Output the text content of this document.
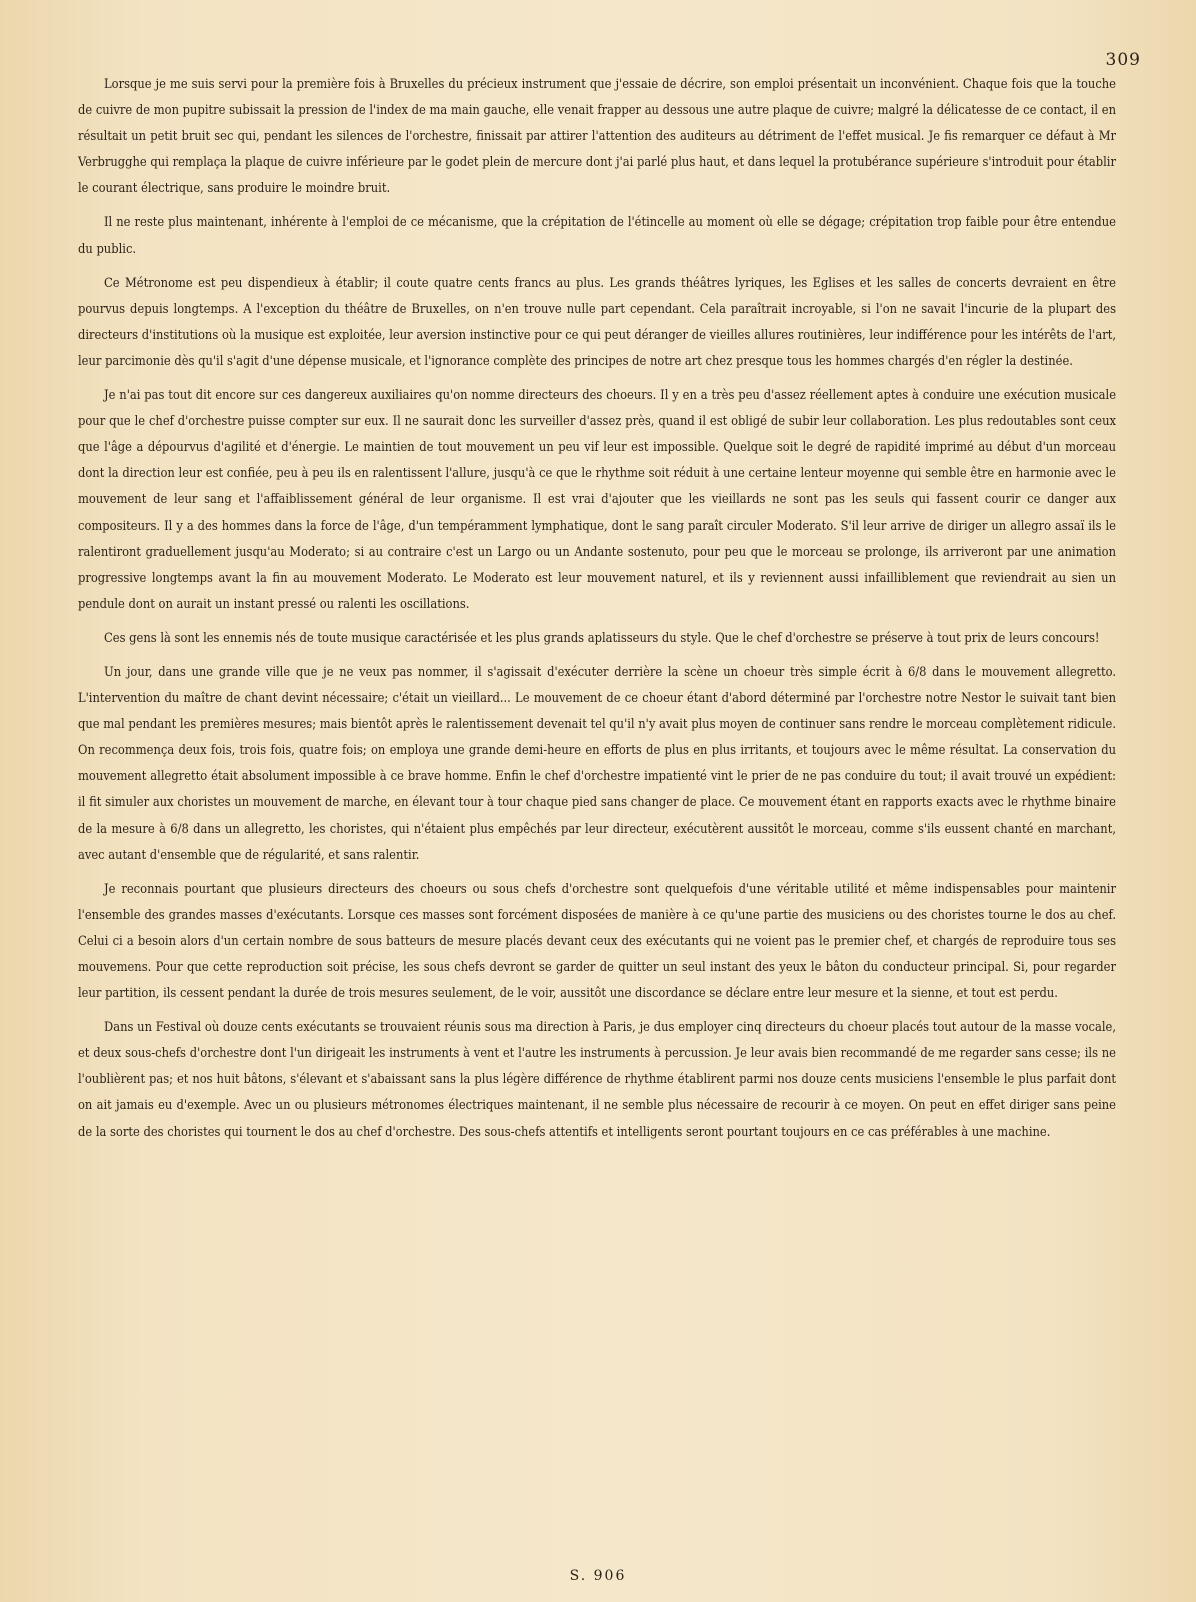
309

Lorsque je me suis servi pour la première fois à Bruxelles du précieux instrument que j'essaie de décrire, son emploi présentait un inconvénient. Chaque fois que la touche de cuivre de mon pupitre subissait la pression de l'index de ma main gauche, elle venait frapper au dessous une autre plaque de cuivre; malgré la délicatesse de ce contact, il en résultait un petit bruit sec qui, pendant les silences de l'orchestre, finissait par attirer l'attention des auditeurs au détriment de l'effet musical. Je fis remarquer ce défaut à Mr Verbrugghe qui remplaça la plaque de cuivre inférieure par le godet plein de mercure dont j'ai parlé plus haut, et dans lequel la protubérance supérieure s'introduit pour établir le courant électrique, sans produire le moindre bruit.

Il ne reste plus maintenant, inhérente à l'emploi de ce mécanisme, que la crépitation de l'étincelle au moment où elle se dégage; crépitation trop faible pour être entendue du public.

Ce Métronome est peu dispendieux à établir; il coute quatre cents francs au plus. Les grands théâtres lyriques, les Eglises et les salles de concerts devraient en être pourvus depuis longtemps. A l'exception du théâtre de Bruxelles, on n'en trouve nulle part cependant. Cela paraîtrait incroyable, si l'on ne savait l'incurie de la plupart des directeurs d'institutions où la musique est exploitée, leur aversion instinctive pour ce qui peut déranger de vieilles allures routinières, leur indifférence pour les intérêts de l'art, leur parcimonie dès qu'il s'agit d'une dépense musicale, et l'ignorance complète des principes de notre art chez presque tous les hommes chargés d'en régler la destinée.

Je n'ai pas tout dit encore sur ces dangereux auxiliaires qu'on nomme directeurs des choeurs. Il y en a très peu d'assez réellement aptes à conduire une exécution musicale pour que le chef d'orchestre puisse compter sur eux. Il ne saurait donc les surveiller d'assez près, quand il est obligé de subir leur collaboration. Les plus redoutables sont ceux que l'âge a dépourvus d'agilité et d'énergie. Le maintien de tout mouvement un peu vif leur est impossible. Quelque soit le degré de rapidité imprimé au début d'un morceau dont la direction leur est confiée, peu à peu ils en ralentissent l'allure, jusqu'à ce que le rhythme soit réduit à une certaine lenteur moyenne qui semble être en harmonie avec le mouvement de leur sang et l'affaiblissement général de leur organisme. Il est vrai d'ajouter que les vieillards ne sont pas les seuls qui fassent courir ce danger aux compositeurs. Il y a des hommes dans la force de l'âge, d'un tempéramment lymphatique, dont le sang paraît circuler Moderato. S'il leur arrive de diriger un allegro assaï ils le ralentiront graduellement jusqu'au Moderato; si au contraire c'est un Largo ou un Andante sostenuto, pour peu que le morceau se prolonge, ils arriveront par une animation progressive longtemps avant la fin au mouvement Moderato. Le Moderato est leur mouvement naturel, et ils y reviennent aussi infailliblement que reviendrait au sien un pendule dont on aurait un instant pressé ou ralenti les oscillations.

Ces gens là sont les ennemis nés de toute musique caractérisée et les plus grands aplatisseurs du style. Que le chef d'orchestre se préserve à tout prix de leurs concours!

Un jour, dans une grande ville que je ne veux pas nommer, il s'agissait d'exécuter derrière la scène un choeur très simple écrit à 6/8 dans le mouvement allegretto. L'intervention du maître de chant devint nécessaire; c'était un vieillard... Le mouvement de ce choeur étant d'abord déterminé par l'orchestre notre Nestor le suivait tant bien que mal pendant les premières mesures; mais bientôt après le ralentissement devenait tel qu'il n'y avait plus moyen de continuer sans rendre le morceau complètement ridicule. On recommença deux fois, trois fois, quatre fois; on employa une grande demi-heure en efforts de plus en plus irritants, et toujours avec le même résultat. La conservation du mouvement allegretto était absolument impossible à ce brave homme. Enfin le chef d'orchestre impatienté vint le prier de ne pas conduire du tout; il avait trouvé un expédient: il fit simuler aux choristes un mouvement de marche, en élevant tour à tour chaque pied sans changer de place. Ce mouvement étant en rapports exacts avec le rhythme binaire de la mesure à 6/8 dans un allegretto, les choristes, qui n'étaient plus empêchés par leur directeur, exécutèrent aussitôt le morceau, comme s'ils eussent chanté en marchant, avec autant d'ensemble que de régularité, et sans ralentir.

Je reconnais pourtant que plusieurs directeurs des choeurs ou sous chefs d'orchestre sont quelquefois d'une véritable utilité et même indispensables pour maintenir l'ensemble des grandes masses d'exécutants. Lorsque ces masses sont forcément disposées de manière à ce qu'une partie des musiciens ou des choristes tourne le dos au chef. Celui ci a besoin alors d'un certain nombre de sous batteurs de mesure placés devant ceux des exécutants qui ne voient pas le premier chef, et chargés de reproduire tous ses mouvemens. Pour que cette reproduction soit précise, les sous chefs devront se garder de quitter un seul instant des yeux le bâton du conducteur principal. Si, pour regarder leur partition, ils cessent pendant la durée de trois mesures seulement, de le voir, aussitôt une discordance se déclare entre leur mesure et la sienne, et tout est perdu.

Dans un Festival où douze cents exécutants se trouvaient réunis sous ma direction à Paris, je dus employer cinq directeurs du choeur placés tout autour de la masse vocale, et deux sous-chefs d'orchestre dont l'un dirigeait les instruments à vent et l'autre les instruments à percussion. Je leur avais bien recommandé de me regarder sans cesse; ils ne l'oublièrent pas; et nos huit bâtons, s'élevant et s'abaissant sans la plus légère différence de rhythme établirent parmi nos douze cents musiciens l'ensemble le plus parfait dont on ait jamais eu d'exemple. Avec un ou plusieurs métronomes électriques maintenant, il ne semble plus nécessaire de recourir à ce moyen. On peut en effet diriger sans peine de la sorte des choristes qui tournent le dos au chef d'orchestre. Des sous-chefs attentifs et intelligents seront pourtant toujours en ce cas préférables à une machine.

S. 906
